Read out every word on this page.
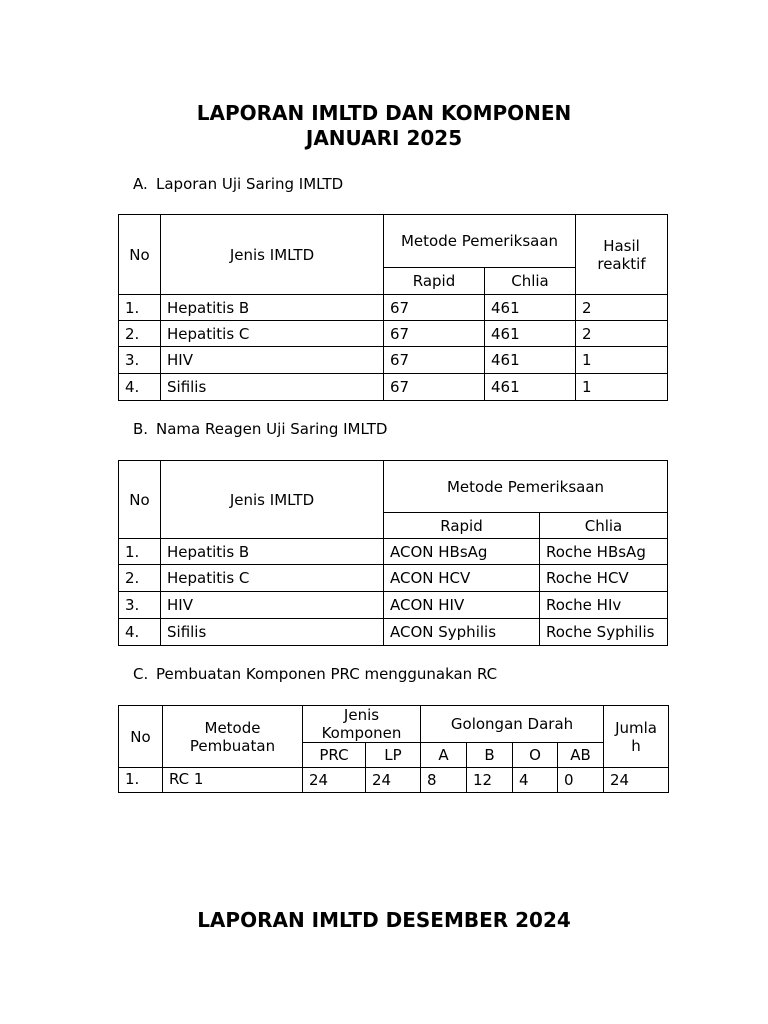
LAPORAN IMLTD DAN KOMPONEN
JANUARI 2025

A. Laporan Uji Saring IMLTD

No	Jenis IMLTD	Metode Pemeriksaan		Hasil reaktif
		Rapid	Chlia	
1.	Hepatitis B	67	461	2
2.	Hepatitis C	67	461	2
3.	HIV	67	461	1
4.	Sifilis	67	461	1

B. Nama Reagen Uji Saring IMLTD

No	Jenis IMLTD	Metode Pemeriksaan	
		Rapid	Chlia
1.	Hepatitis B	ACON HBsAg	Roche HBsAg
2.	Hepatitis C	ACON HCV	Roche HCV
3.	HIV	ACON HIV	Roche HIv
4.	Sifilis	ACON Syphilis	Roche Syphilis

C. Pembuatan Komponen PRC menggunakan RC

No	Metode Pembuatan	Jenis Komponen		Golongan Darah				Jumla h
		PRC	LP	A	B	O	AB	
1.	RC 1	24	24	8	12	4	0	24
LAPORAN IMLTD DESEMBER 2024
